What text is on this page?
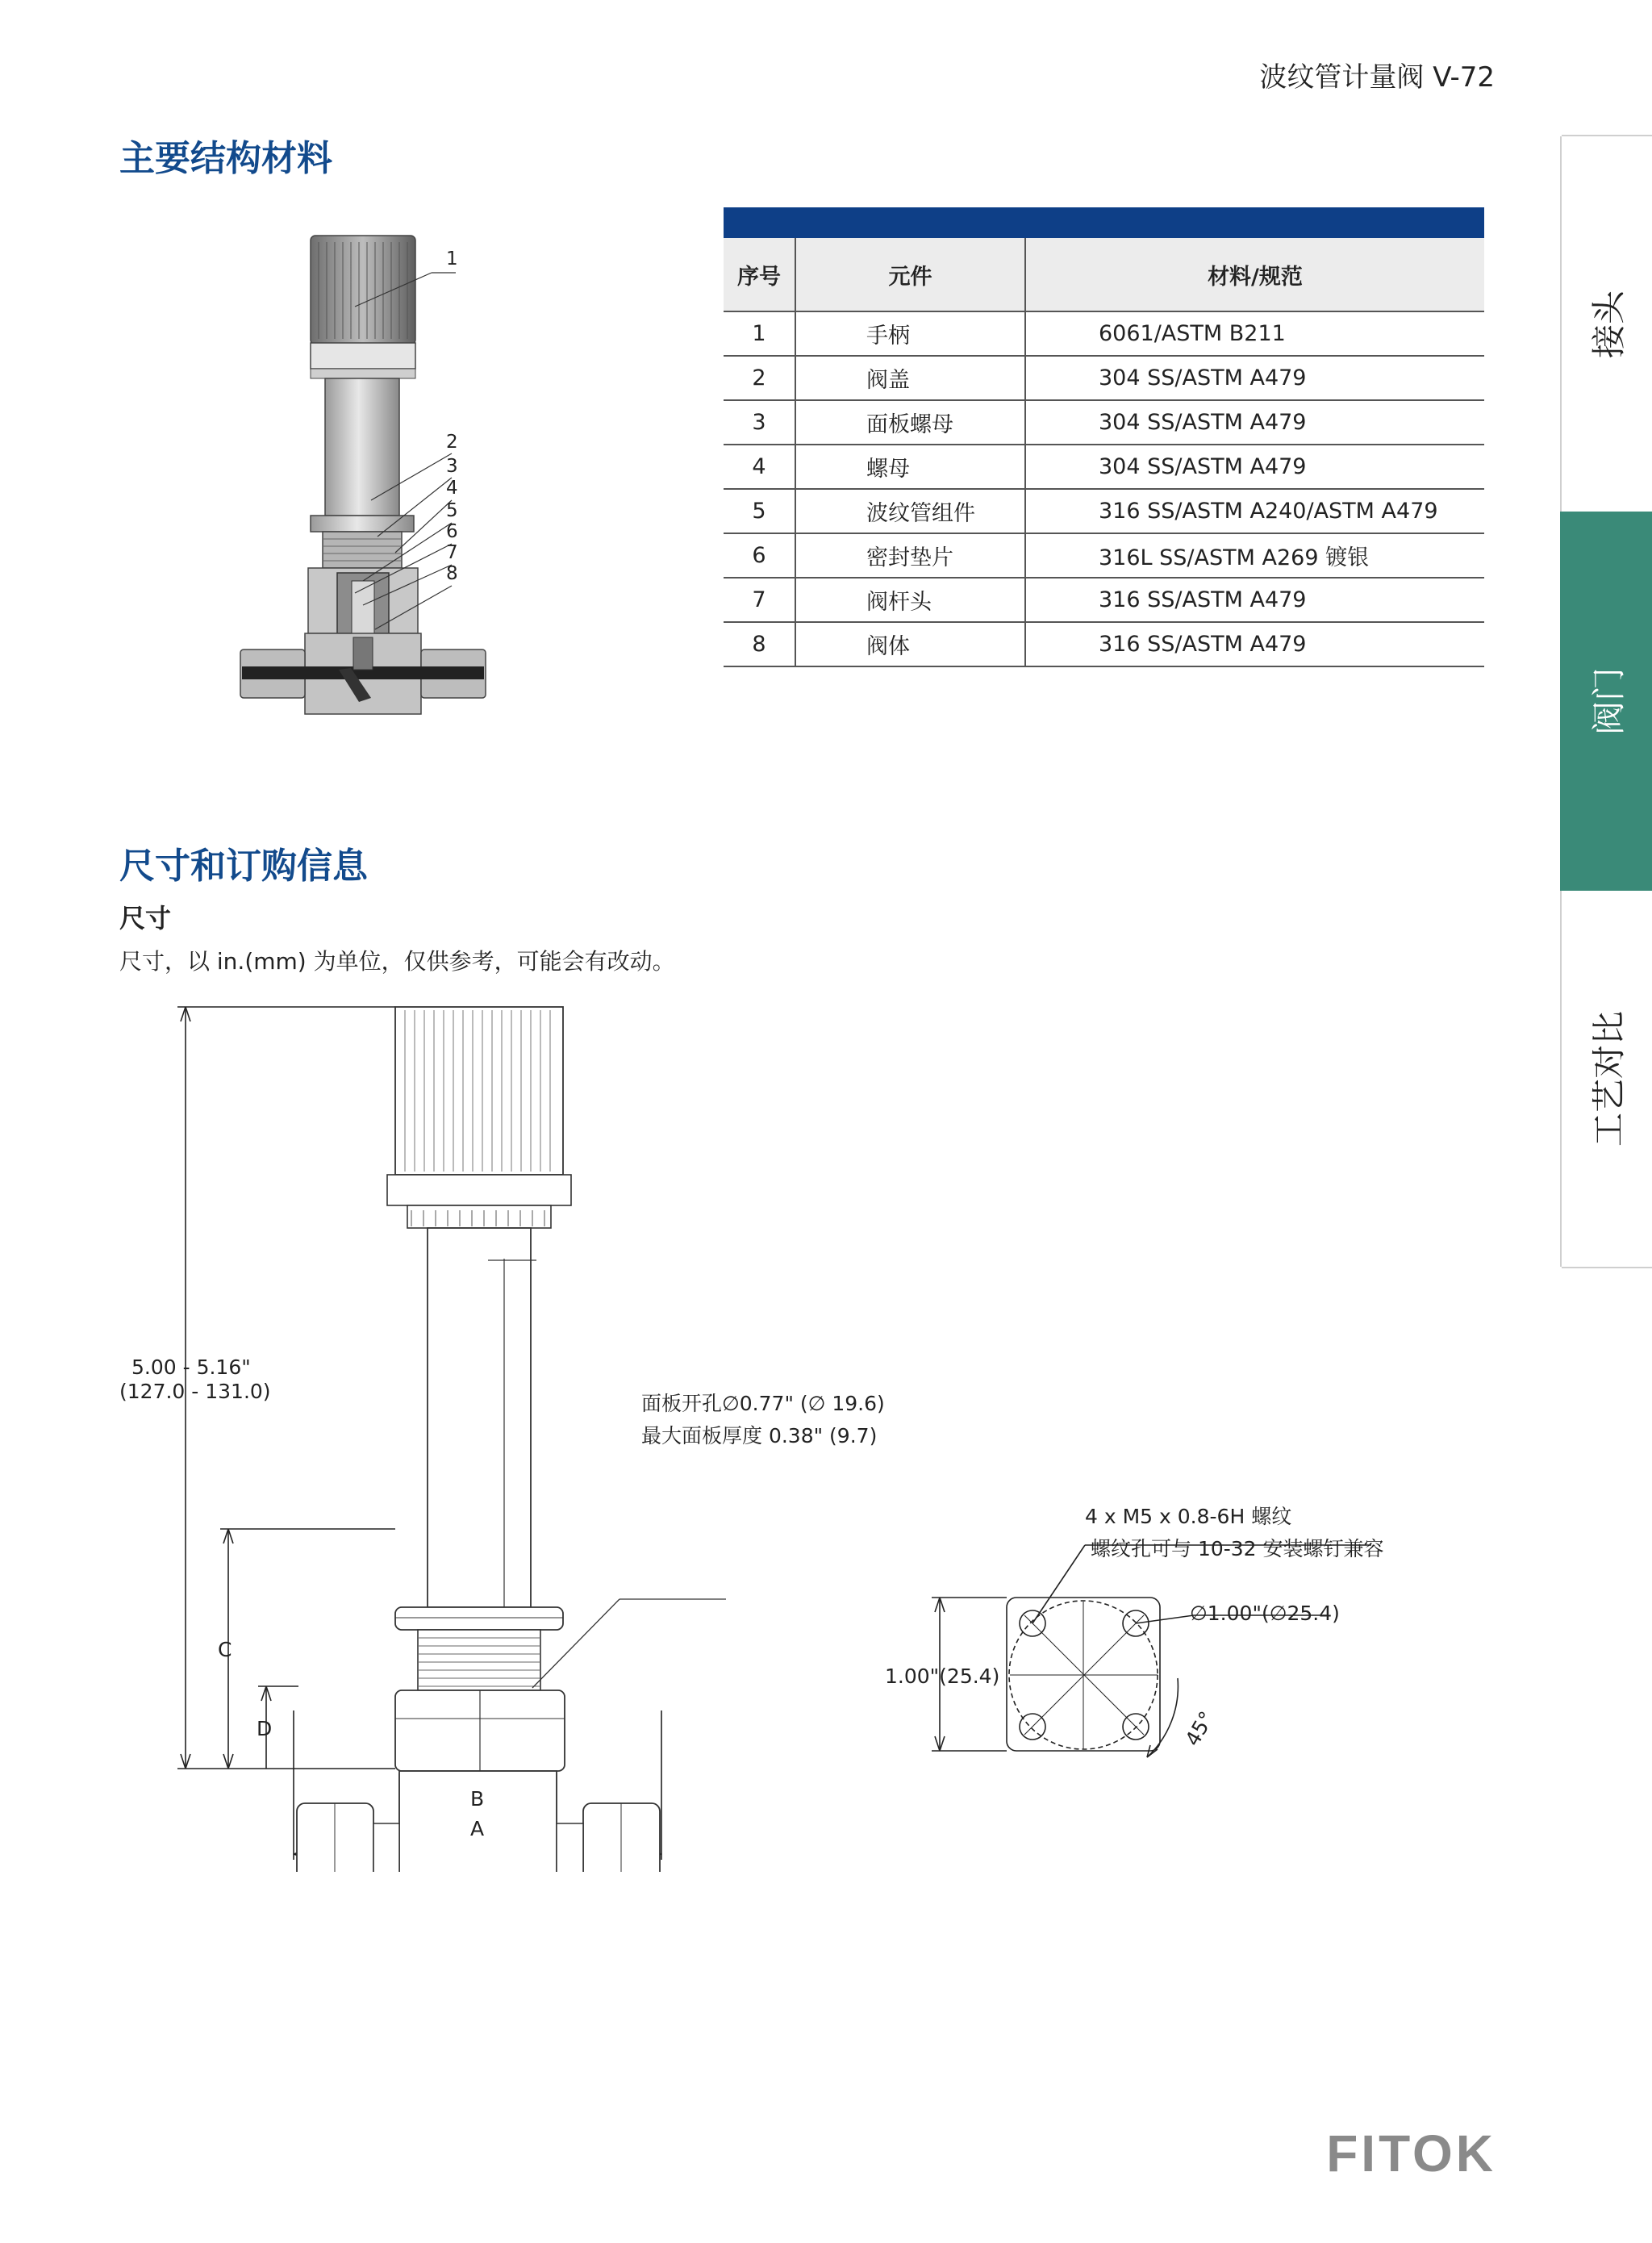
波纹管计量阀 V-72
接头
阀门
工艺对比
主要结构材料
1
2
3
4
5
6
7
8

序号	元件	材料/规范
1	手柄	6061/ASTM B211
2	阀盖	304 SS/ASTM A479
3	面板螺母	304 SS/ASTM A479
4	螺母	304 SS/ASTM A479
5	波纹管组件	316 SS/ASTM A240/ASTM A479
6	密封垫片	316L SS/ASTM A269 镀银
7	阀杆头	316 SS/ASTM A479
8	阀体	316 SS/ASTM A479
尺寸和订购信息
尺寸
尺寸，以 in.(mm) 为单位，仅供参考，可能会有改动。
5.00 - 5.16"
(127.0 - 131.0)
面板开孔∅0.77" (∅ 19.6)
最大面板厚度 0.38" (9.7)
C
D
B
A
4 x M5 x 0.8-6H 螺纹
螺纹孔可与 10-32 安装螺钉兼容
∅1.00"(∅25.4)
1.00"(25.4)
45°
FITOK
